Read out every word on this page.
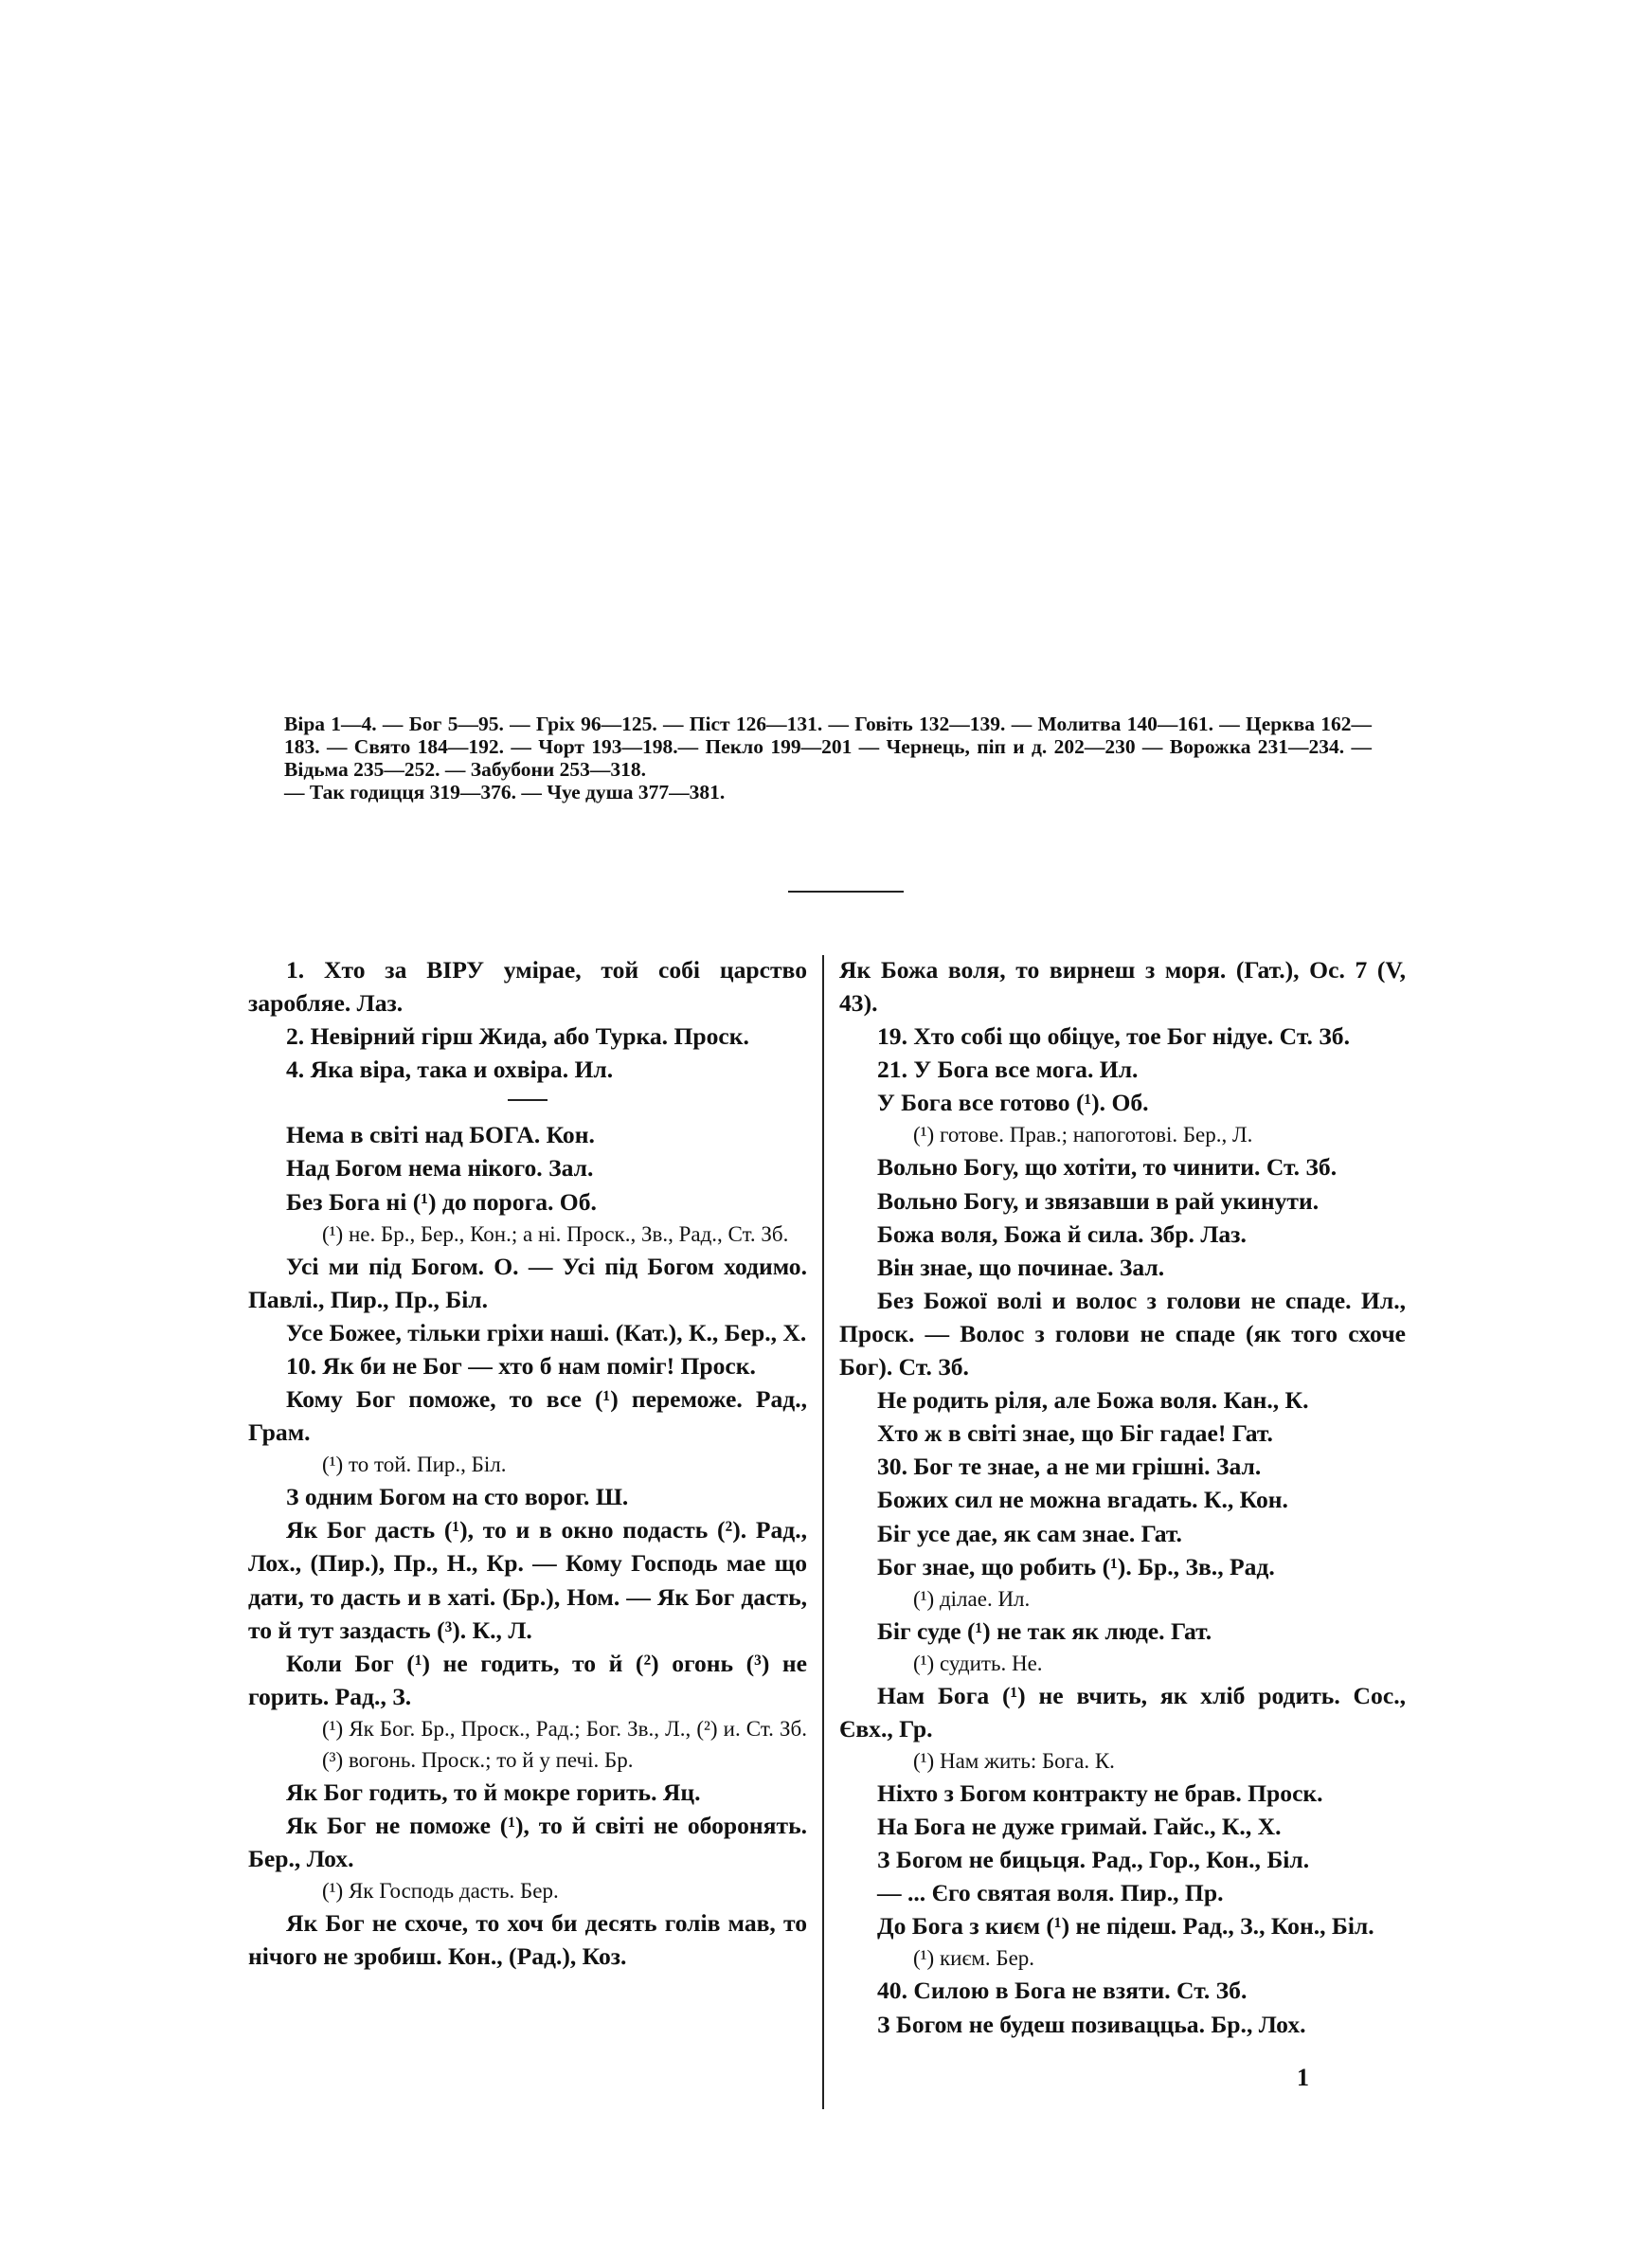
Віра 1—4. — Бог 5—95. — Гріх 96—125. — Піст 126—131. — Говіть 132—139. — Молитва 140—161. — Церква 162—183. — Свято 184—192. — Чорт 193—198.— Пекло 199—201 — Чернець, піп и д. 202—230 — Ворожка 231—234. — Відьма 235—252. — Забубони 253—318.
— Так годицця 319—376. — Чуе душа 377—381.

1. Хто за ВІРУ умірае, той собі царство заробляе. Лаз.

2. Невірний гірш Жида, або Турка. Проск.

4. Яка віра, така и охвіра. Ил.

Нема в світі над БОГА. Кон.

Над Богом нема нікого. Зал.

Без Бога ні (¹) до порога. Об.

(¹) не. Бр., Бер., Кон.; а ні. Проск., Зв., Рад., Ст. Зб.

Усі ми під Богом. О. — Усі під Богом ходимо. Павлі., Пир., Пр., Біл.

Усе Божее, тільки гріхи нашi. (Кат.), К., Бер., Х.

10. Як би не Бог — хто б нам поміг! Проск.

Кому Бог поможе, то все (¹) переможе. Рад., Грам.

(¹) то той. Пир., Біл.

З одним Богом на сто ворог. Ш.

Як Бог дасть (¹), то и в окно подасть (²). Рад., Лох., (Пир.), Пр., Н., Кр. — Кому Господь мае що дати, то дасть и в хаті. (Бр.), Ном. — Як Бог дасть, то й тут заздасть (³). К., Л.

Коли Бог (¹) не годить, то й (²) огонь (³) не горить. Рад., З.

(¹) Як Бог. Бр., Проск., Рад.; Бог. Зв., Л., (²) и. Ст. Зб. (³) вогонь. Проск.; то й у печі. Бр.

Як Бог годить, то й мокре горить. Яц.

Як Бог не поможе (¹), то й світі не оборонять. Бер., Лох.

(¹) Як Господь дасть. Бер.

Як Бог не схоче, то хоч би десять голів мав, то нічого не зробиш. Кон., (Рад.), Коз.

Як Божа воля, то вирнеш з моря. (Гат.), Ос. 7 (V, 43).

19. Хто собі що обіцуе, тое Бог нідуе. Ст. Зб.

21. У Бога все мога. Ил.

У Бога все готово (¹). Об.

(¹) готове. Прав.; напоготові. Бер., Л.

Вольно Богу, що хотіти, то чинити. Ст. Зб.

Вольно Богу, и звязавши в рай укинути.

Божа воля, Божа й сила. Збр. Лаз.

Він знае, що починае. Зал.

Без Божої волі и волос з голови не спаде. Ил., Проск. — Волос з голови не спаде (як того схоче Бог). Ст. Зб.

Не родить ріля, але Божа воля. Кан., К.

Хто ж в світі знае, що Біг гадае! Гат.

30. Бог те знае, а не ми грішні. Зал.

Божих сил не можна вгадать. К., Кон.

Біг усе дае, як сам знае. Гат.

Бог знае, що робить (¹). Бр., Зв., Рад.

(¹) ділае. Ил.

Біг суде (¹) не так як люде. Гат.

(¹) судить. Не.

Нам Бога (¹) не вчить, як хліб родить. Сос., Євх., Гр.

(¹) Нам жить: Бога. К.

Ніхто з Богом контракту не брав. Проск.

На Бога не дуже гримай. Гайс., К., Х.

З Богом не бицьця. Рад., Гор., Кон., Біл.

— ... Єго святая воля. Пир., Пр.

До Бога з києм (¹) не підеш. Рад., З., Кон., Біл.

(¹) києм. Бер.

40. Силою в Бога не взяти. Ст. Зб.

З Богом не будеш позиваццьа. Бр., Лох.

1
